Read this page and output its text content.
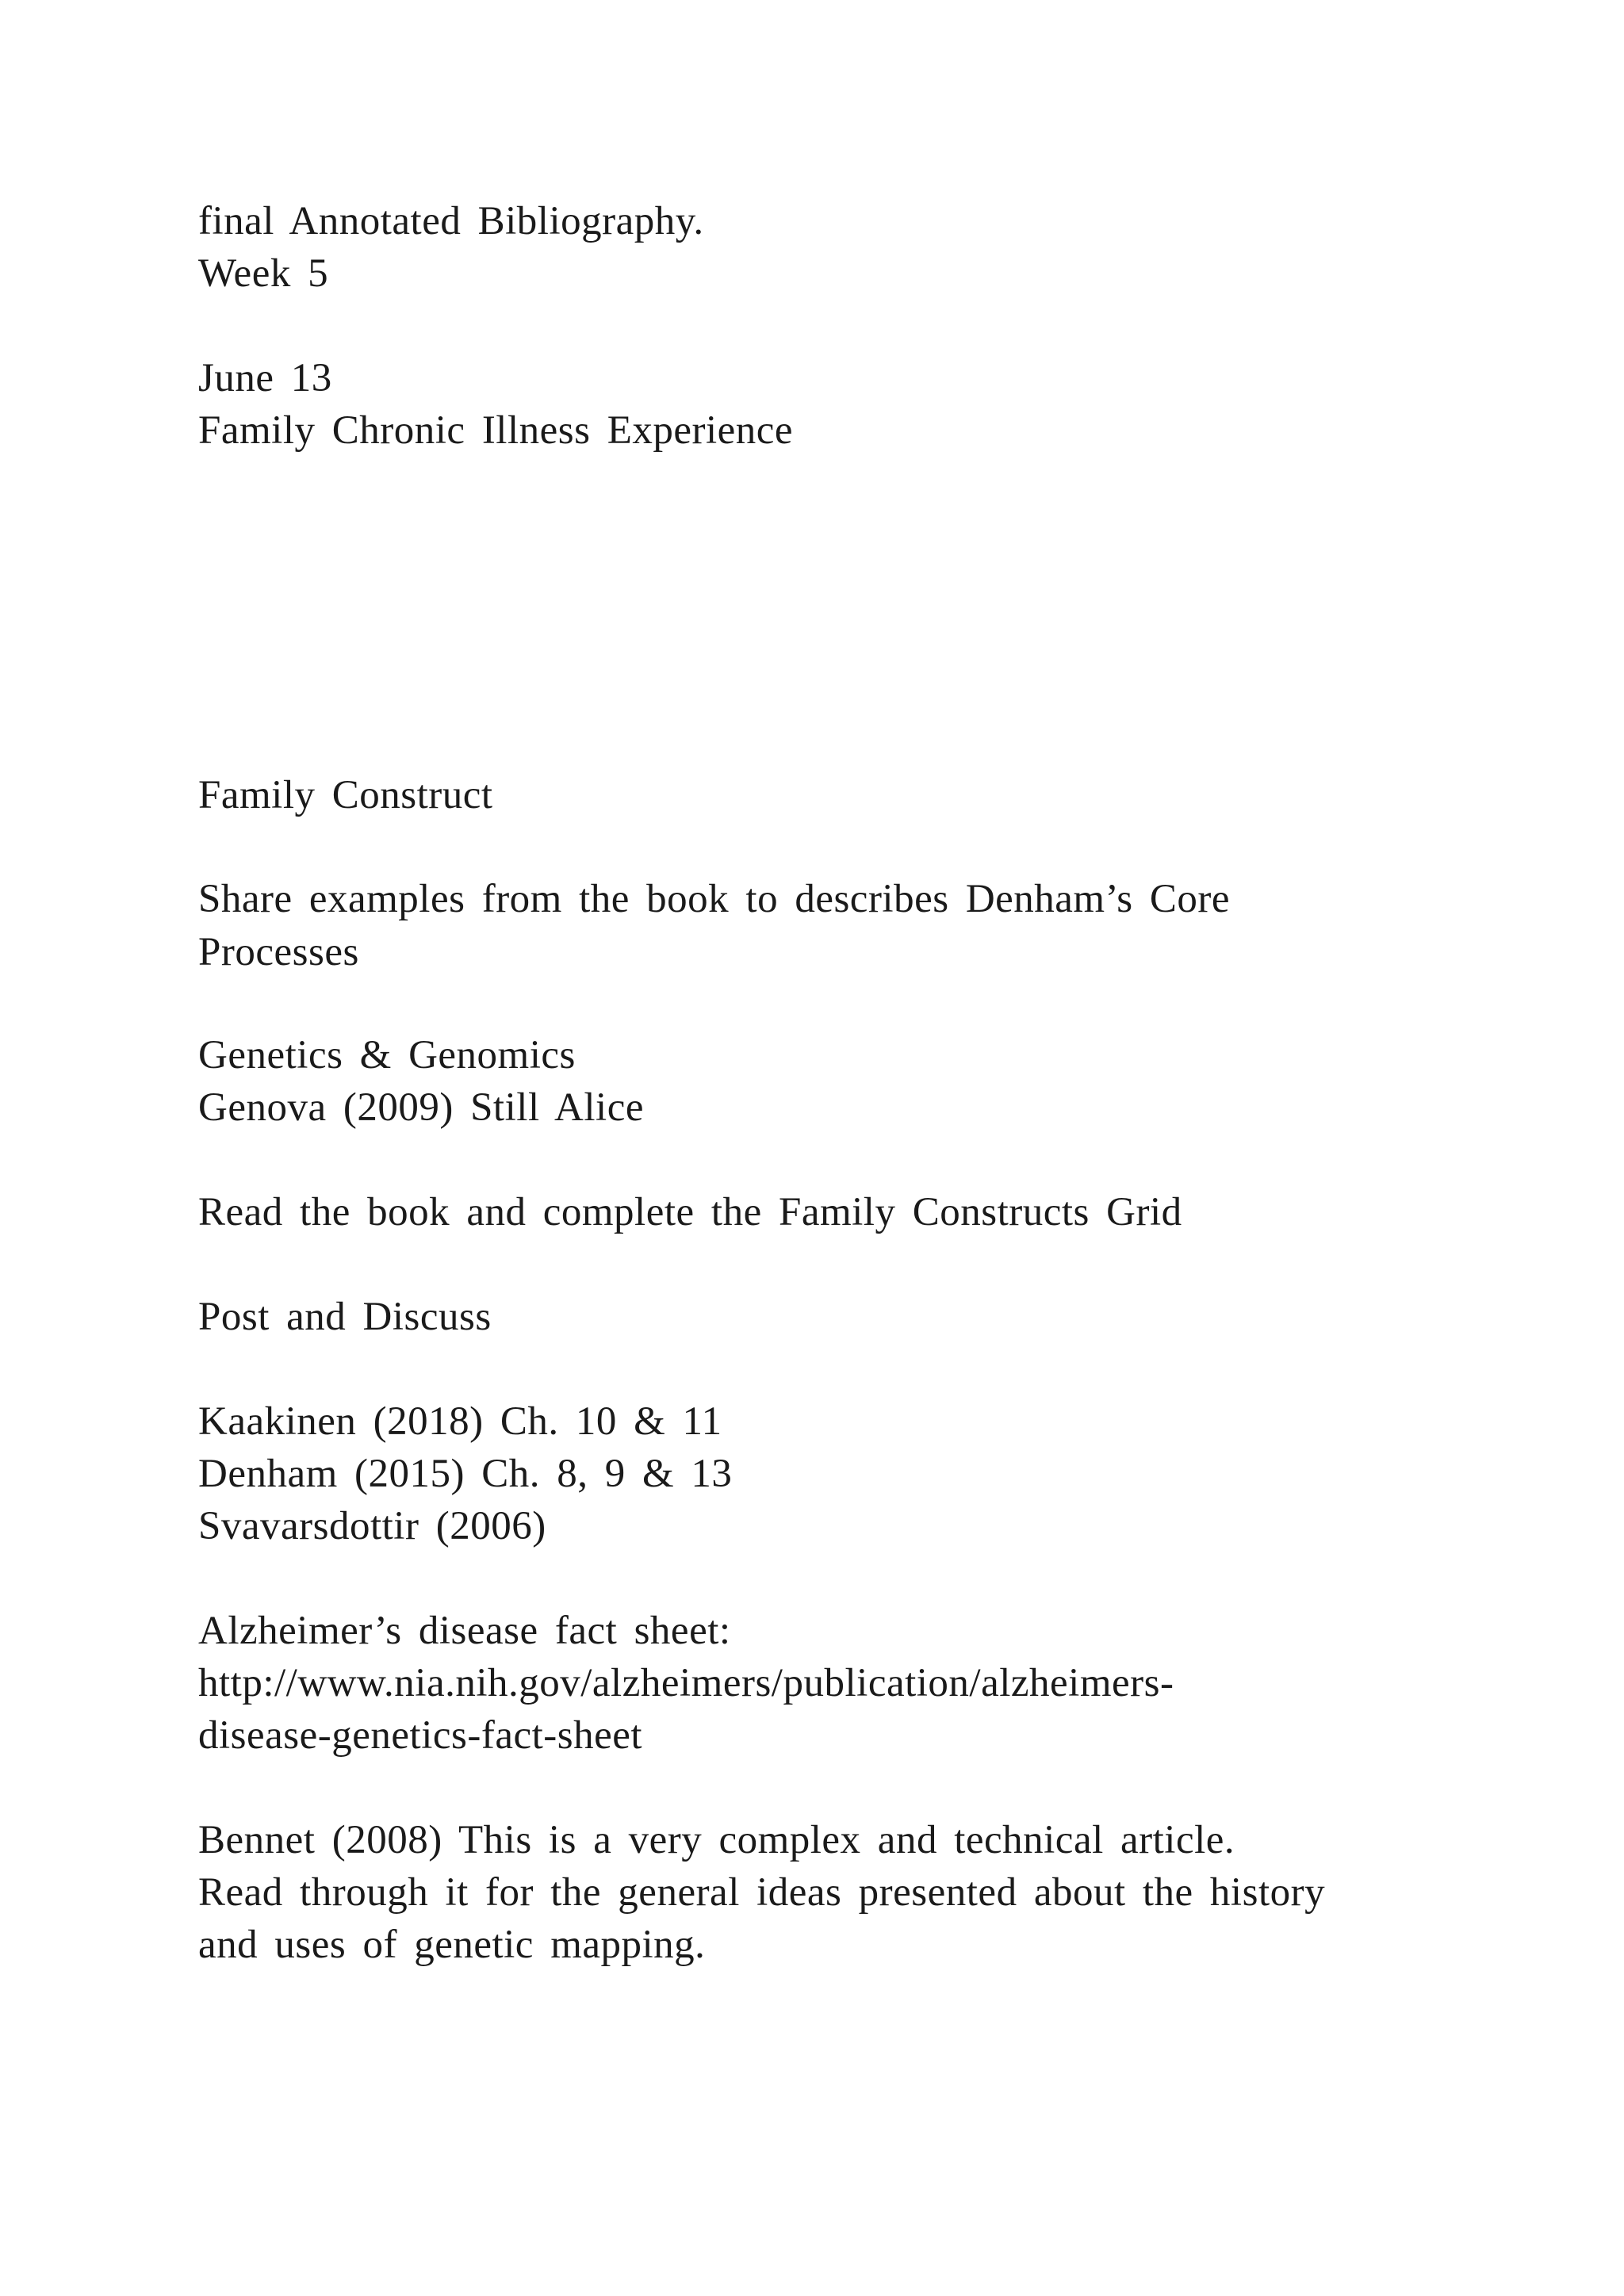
final Annotated Bibliography.
Week 5
June 13
Family Chronic Illness Experience
Family Construct
Share examples from the book to describes Denham’s Core
Processes
Genetics & Genomics
Genova (2009) Still Alice
Read the book and complete the Family Constructs Grid
Post and Discuss
Kaakinen (2018) Ch. 10 & 11
Denham (2015) Ch. 8, 9 & 13
Svavarsdottir (2006)
Alzheimer’s disease fact sheet:
http://www.nia.nih.gov/alzheimers/publication/alzheimers-
disease-genetics-fact-sheet
Bennet (2008) This is a very complex and technical article.
Read through it for the general ideas presented about the history
and uses of genetic mapping.
